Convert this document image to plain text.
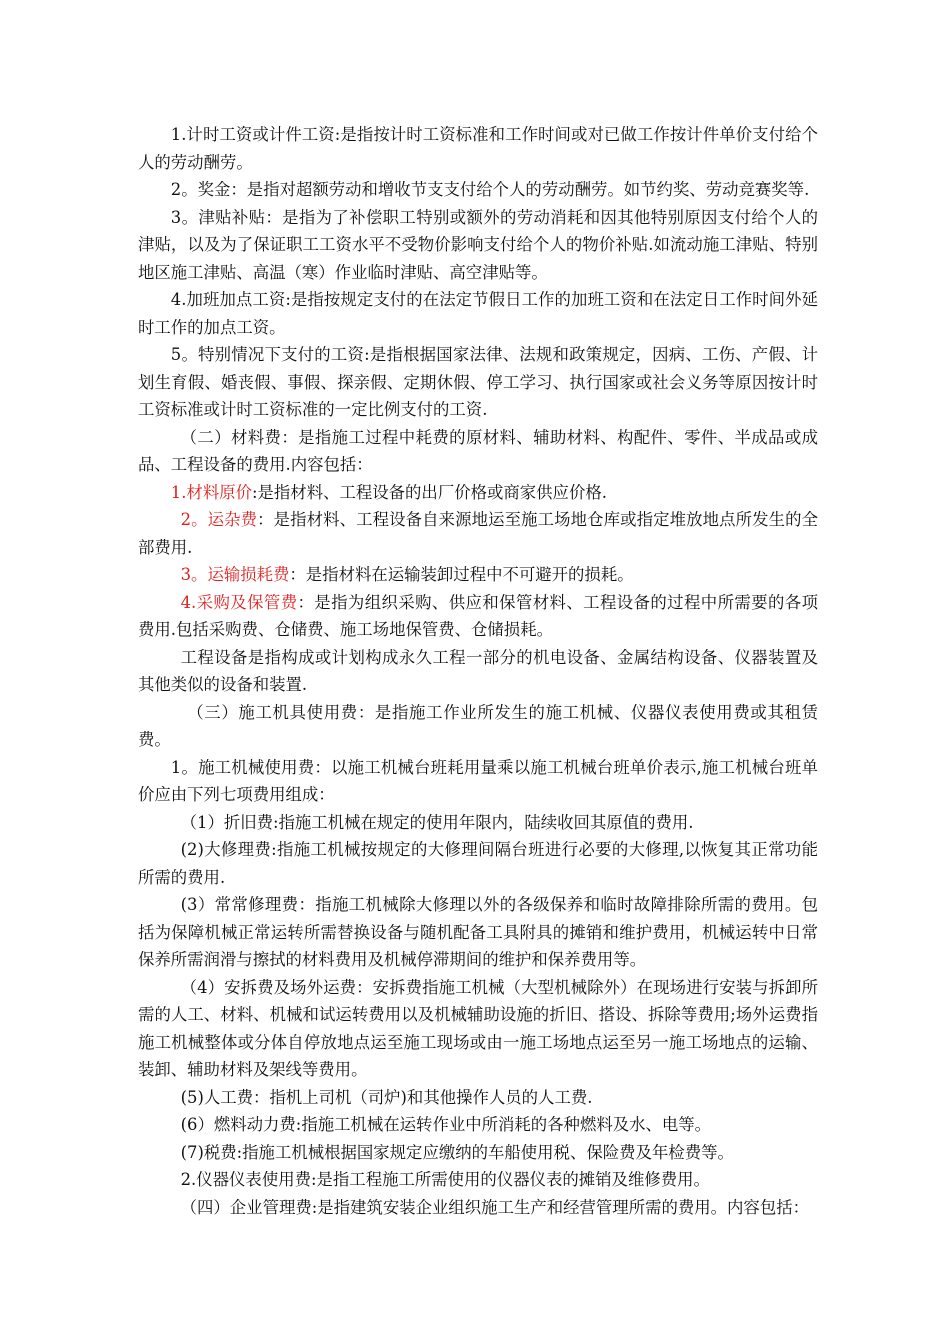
1.计时工资或计件工资:是指按计时工资标准和工作时间或对已做工作按计件单价支付给个人的劳动酬劳。

2。奖金：是指对超额劳动和增收节支支付给个人的劳动酬劳。如节约奖、劳动竞赛奖等.

3。津贴补贴：是指为了补偿职工特别或额外的劳动消耗和因其他特别原因支付给个人的津贴，以及为了保证职工工资水平不受物价影响支付给个人的物价补贴.如流动施工津贴、特别地区施工津贴、高温（寒）作业临时津贴、高空津贴等。

4.加班加点工资:是指按规定支付的在法定节假日工作的加班工资和在法定日工作时间外延时工作的加点工资。

5。特别情况下支付的工资:是指根据国家法律、法规和政策规定，因病、工伤、产假、计划生育假、婚丧假、事假、探亲假、定期休假、停工学习、执行国家或社会义务等原因按计时工资标准或计时工资标准的一定比例支付的工资.

（二）材料费：是指施工过程中耗费的原材料、辅助材料、构配件、零件、半成品或成品、工程设备的费用.内容包括：

1.材料原价:是指材料、工程设备的出厂价格或商家供应价格.

2。运杂费：是指材料、工程设备自来源地运至施工场地仓库或指定堆放地点所发生的全部费用.

3。运输损耗费：是指材料在运输装卸过程中不可避开的损耗。

4.采购及保管费：是指为组织采购、供应和保管材料、工程设备的过程中所需要的各项费用.包括采购费、仓储费、施工场地保管费、仓储损耗。

工程设备是指构成或计划构成永久工程一部分的机电设备、金属结构设备、仪器装置及其他类似的设备和装置.

（三）施工机具使用费：是指施工作业所发生的施工机械、仪器仪表使用费或其租赁费。

1。施工机械使用费：以施工机械台班耗用量乘以施工机械台班单价表示,施工机械台班单价应由下列七项费用组成：

（1）折旧费:指施工机械在规定的使用年限内，陆续收回其原值的费用.

(2)大修理费:指施工机械按规定的大修理间隔台班进行必要的大修理,以恢复其正常功能所需的费用.

(3）常常修理费：指施工机械除大修理以外的各级保养和临时故障排除所需的费用。包括为保障机械正常运转所需替换设备与随机配备工具附具的摊销和维护费用，机械运转中日常保养所需润滑与擦拭的材料费用及机械停滞期间的维护和保养费用等。

（4）安拆费及场外运费：安拆费指施工机械（大型机械除外）在现场进行安装与拆卸所需的人工、材料、机械和试运转费用以及机械辅助设施的折旧、搭设、拆除等费用;场外运费指施工机械整体或分体自停放地点运至施工现场或由一施工场地点运至另一施工场地点的运输、装卸、辅助材料及架线等费用。

(5)人工费：指机上司机（司炉)和其他操作人员的人工费.

(6）燃料动力费:指施工机械在运转作业中所消耗的各种燃料及水、电等。

(7)税费:指施工机械根据国家规定应缴纳的车船使用税、保险费及年检费等。

2.仪器仪表使用费:是指工程施工所需使用的仪器仪表的摊销及维修费用。

（四）企业管理费:是指建筑安装企业组织施工生产和经营管理所需的费用。内容包括：
